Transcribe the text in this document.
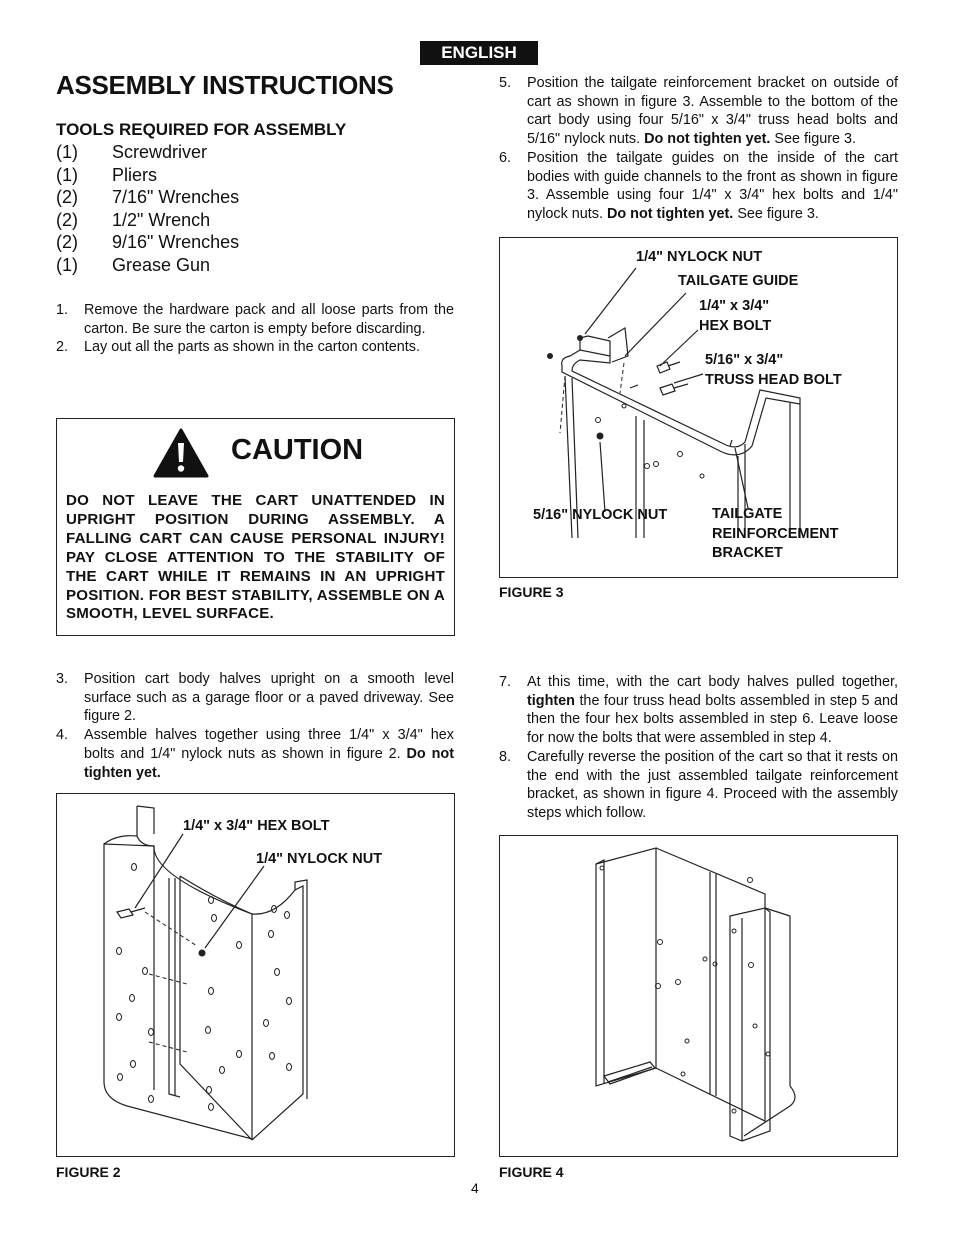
ENGLISH
ASSEMBLY INSTRUCTIONS
TOOLS REQUIRED FOR ASSEMBLY
(1)	Screwdriver
(1)	Pliers
(2)	7/16" Wrenches
(2)	1/2" Wrench
(2)	9/16" Wrenches
(1)	Grease Gun
1.	Remove the hardware pack and all loose parts from the carton. Be sure the carton is empty before discarding.
2.	Lay out all the parts as shown in the carton contents.
CAUTION
DO NOT LEAVE THE CART UNATTENDED IN UPRIGHT POSITION DURING ASSEMBLY. A FALLING CART CAN CAUSE PERSONAL INJURY! PAY CLOSE ATTENTION TO THE STABILITY OF THE CART WHILE IT REMAINS IN AN UPRIGHT POSITION. FOR BEST STABILITY, ASSEMBLE ON A SMOOTH, LEVEL SURFACE.
3.	Position cart body halves upright on a smooth level surface such as a garage floor or a paved driveway. See figure 2.
4.	Assemble halves together using three 1/4" x 3/4" hex bolts and 1/4" nylock nuts as shown in figure 2. Do not tighten yet.
1/4" x 3/4" HEX BOLT
1/4" NYLOCK NUT
FIGURE 2
5.	Position the tailgate reinforcement bracket on outside of cart as shown in figure 3. Assemble to the bottom of the cart body using four 5/16" x 3/4" truss head bolts and 5/16" nylock nuts. Do not tighten yet. See figure 3.
6.	Position the tailgate guides on the inside of the cart bodies with guide channels to the front as shown in figure 3. Assemble using four 1/4" x 3/4" hex bolts and 1/4" nylock nuts. Do not tighten yet. See figure 3.
1/4" NYLOCK NUT
TAILGATE GUIDE
1/4" x 3/4"
HEX BOLT
5/16" x 3/4"
TRUSS HEAD BOLT
5/16" NYLOCK NUT	TAILGATE
REINFORCEMENT
BRACKET
FIGURE 3
7.	At this time, with the cart body halves pulled together, tighten the four truss head bolts assembled in step 5 and then the four hex bolts assembled in step 6. Leave loose for now the bolts that were assembled in step 4.
8.	Carefully reverse the position of the cart so that it rests on the end with the just assembled tailgate reinforcement bracket, as shown in figure 4. Proceed with the assembly steps which follow.
FIGURE 4
4
